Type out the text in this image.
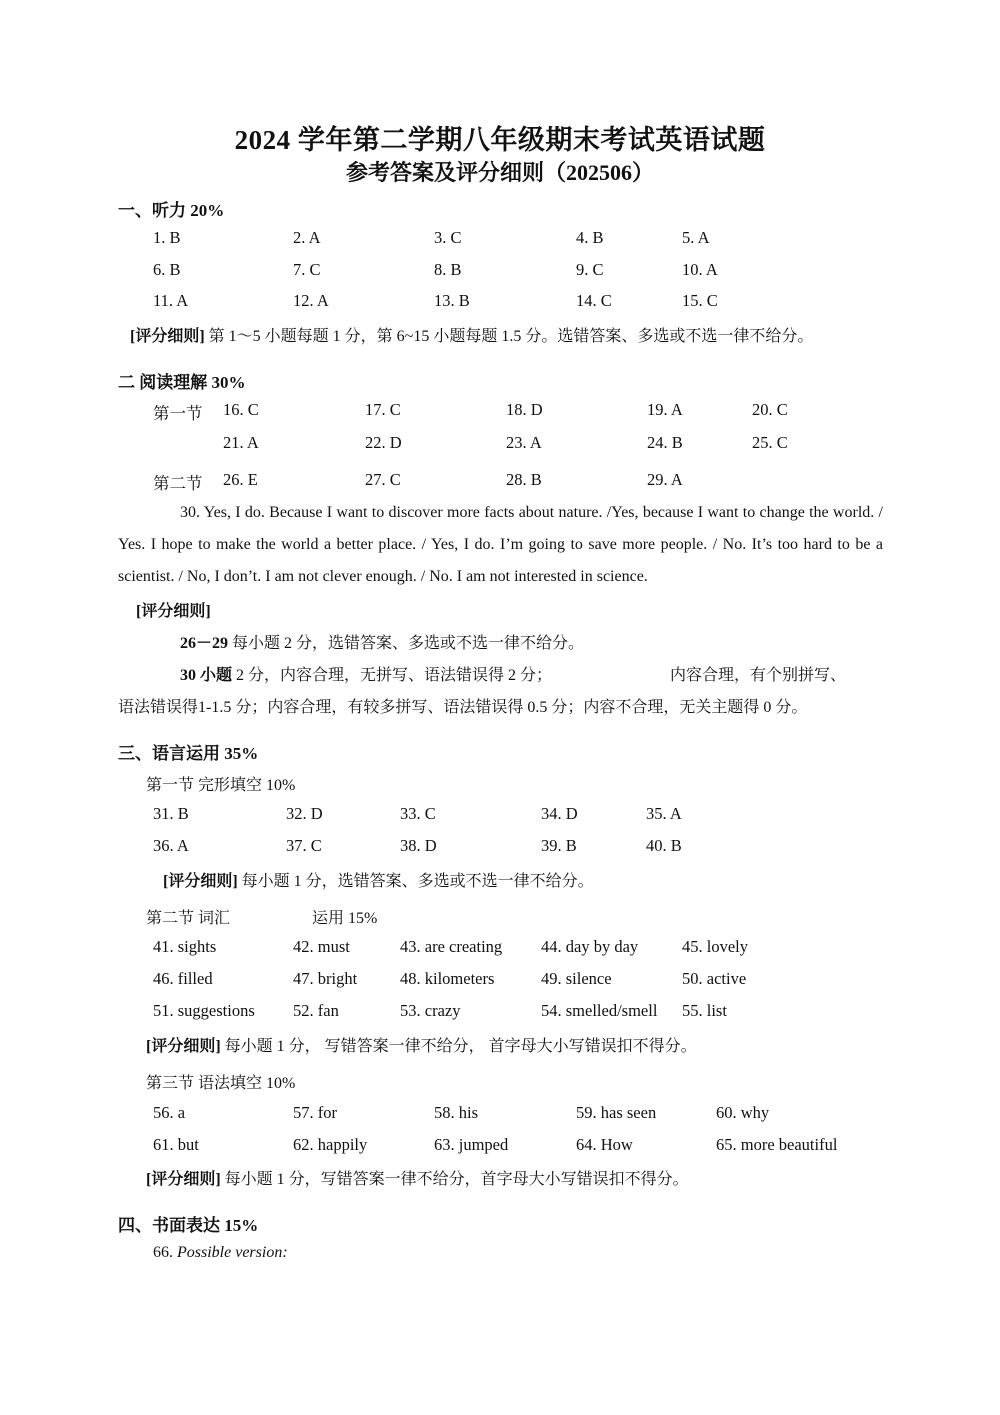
2024 学年第二学期八年级期末考试英语试题
参考答案及评分细则（202506）
一、听力 20%
1. B	2. A	3. C	4. B	5. A
6. B	7. C	8. B	9. C	10. A
11. A	12. A	13. B	14. C	15. C
[评分细则] 第 1～5 小题每题 1 分，第 6~15 小题每题 1.5 分。选错答案、多选或不选一律不给分。
二 阅读理解 30%
第一节 16. C	17. C	18. D	19. A	20. C
21. A	22. D	23. A	24. B	25. C
第二节 26. E	27. C	28. B	29. A
30. Yes, I do. Because I want to discover more facts about nature. /Yes, because I want to change the world. / Yes. I hope to make the world a better place. / Yes, I do. I’m going to save more people. / No. It’s too hard to be a scientist. / No, I don’t. I am not clever enough. / No. I am not interested in science.
[评分细则]
26－29 每小题 2 分，选错答案、多选或不选一律不给分。
30 小题 2 分，内容合理，无拼写、语法错误得 2 分；	内容合理，有个别拼写、
语法错误得1-1.5 分；内容合理，有较多拼写、语法错误得 0.5 分；内容不合理，无关主题得 0 分。
三、语言运用 35%
第一节 完形填空 10%
31. B	32. D	33. C	34. D	35. A
36. A	37. C	38. D	39. B	40. B
[评分细则] 每小题 1 分，选错答案、多选或不选一律不给分。
第二节 词汇	运用 15%
41. sights	42. must	43. are creating 44. day by day	45. lovely
46. filled	47. bright	48. kilometers	49. silence	50. active
51. suggestions 52. fan	53. crazy	54. smelled/smell 55. list
[评分细则] 每小题 1 分， 写错答案一律不给分， 首字母大小写错误扣不得分。
第三节 语法填空 10%
56. a	57. for	58. his	59. has seen	60. why
61. but	62. happily	63. jumped	64. How	65. more beautiful
[评分细则] 每小题 1 分，写错答案一律不给分，首字母大小写错误扣不得分。
四、书面表达 15%
66. Possible version:
